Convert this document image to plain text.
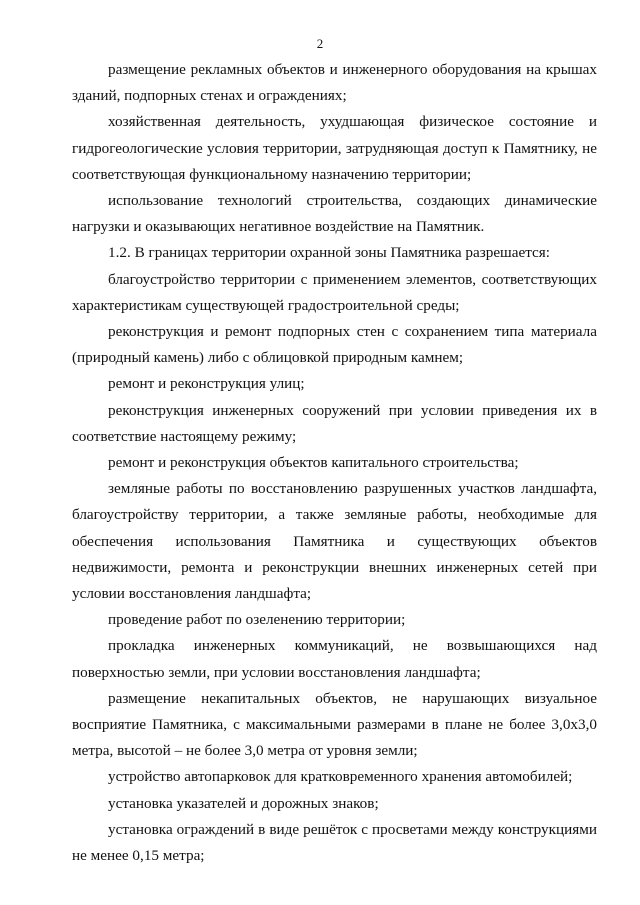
2

размещение рекламных объектов и инженерного оборудования на крышах зданий, подпорных стенах и ограждениях;

хозяйственная деятельность, ухудшающая физическое состояние и гидрогеологические условия территории, затрудняющая доступ к Памятнику, не соответствующая функциональному назначению территории;

использование технологий строительства, создающих динамические нагрузки и оказывающих негативное воздействие на Памятник.

1.2. В границах территории охранной зоны Памятника разрешается:

благоустройство территории с применением элементов, соответствующих характеристикам существующей градостроительной среды;

реконструкция и ремонт подпорных стен с сохранением типа материала (природный камень) либо с облицовкой природным камнем;

ремонт и реконструкция улиц;

реконструкция инженерных сооружений при условии приведения их в соответствие настоящему режиму;

ремонт и реконструкция объектов капитального строительства;

земляные работы по восстановлению разрушенных участков ландшафта, благоустройству территории, а также земляные работы, необходимые для обеспечения использования Памятника и существующих объектов недвижимости, ремонта и реконструкции внешних инженерных сетей при условии восстановления ландшафта;

проведение работ по озеленению территории;

прокладка инженерных коммуникаций, не возвышающихся над поверхностью земли, при условии восстановления ландшафта;

размещение некапитальных объектов, не нарушающих визуальное восприятие Памятника, с максимальными размерами в плане не более 3,0х3,0 метра, высотой – не более 3,0 метра от уровня земли;

устройство автопарковок для кратковременного хранения автомобилей;

установка указателей и дорожных знаков;

установка ограждений в виде решёток с просветами между конструкциями не менее 0,15 метра;
